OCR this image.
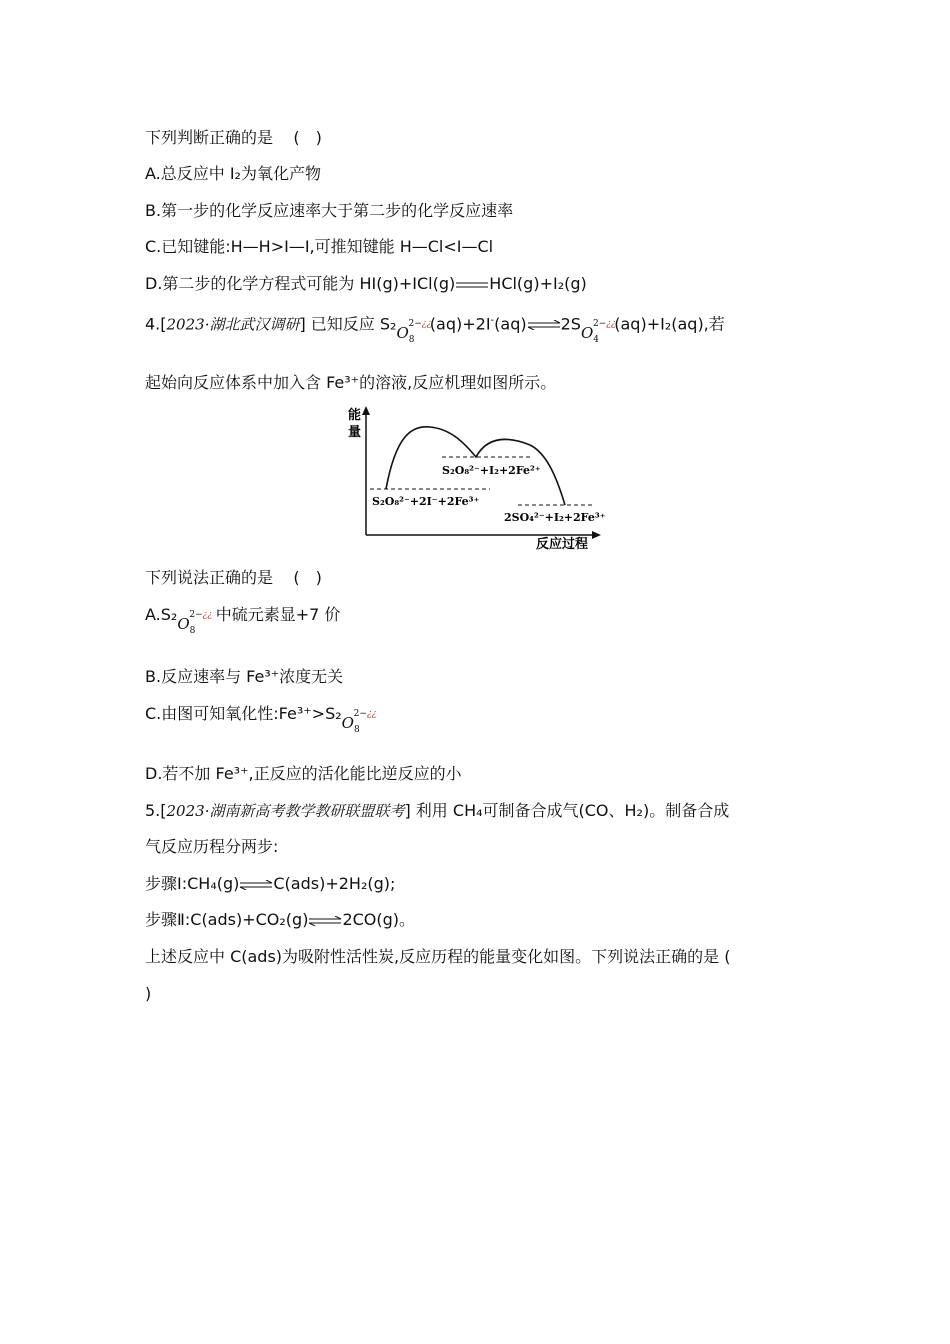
下列判断正确的是 (　)
A.总反应中 I₂为氧化产物
B.第一步的化学反应速率大于第二步的化学反应速率
C.已知键能:H—H>I—I,可推知键能 H—Cl<I—Cl
D.第二步的化学方程式可能为 HI(g)+ICl(g) HCl(g)+I₂(g)
4.[2023·湖北武汉调研] 已知反应 $S_2O_8$
2−¿¿
$(aq)+2I^-(aq)\rightleftharpoons 2SO_4$
2−¿¿
(aq)+I₂(aq),若
起始向反应体系中加入含 Fe³⁺的溶液,反应机理如图所示。
能
量
反应过程
S₂O₈²⁻+2I⁻+2Fe³⁺
S₂O₈²⁻+I₂+2Fe²⁺
2SO₄²⁻+I₂+2Fe³⁺
下列说法正确的是 (　)
$A.S_2O_8$
2−¿¿ 中硫元素显+7 价
B.反应速率与 Fe³⁺浓度无关
C.由图可知氧化性$:Fe^{3+}>S_2O_8$
2−¿¿
D.若不加 Fe³⁺,正反应的活化能比逆反应的小
5.[2023·湖南新高考教学教研联盟联考] 利用 CH₄可制备合成气(CO、H₂)。制备合成
气反应历程分两步:
步骤Ⅰ:CH₄(g)⇌C(ads)+2H₂(g);
步骤Ⅱ:C(ads)+CO₂(g)⇌2CO(g)。
上述反应中 C(ads)为吸附性活性炭,反应历程的能量变化如图。下列说法正确的是 (
)
